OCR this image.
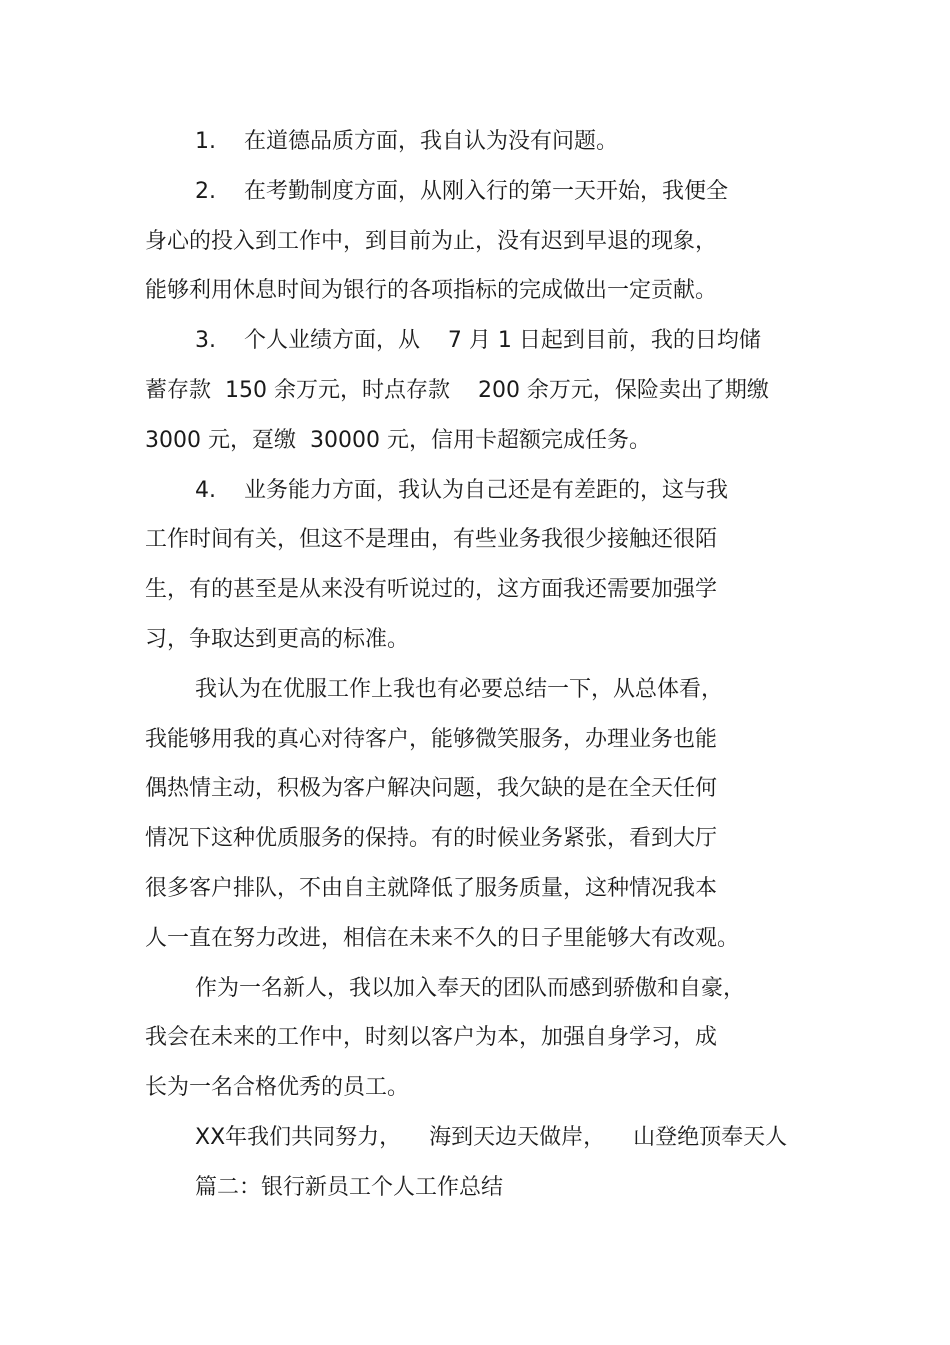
1.    在道德品质方面，我自认为没有问题。

2.    在考勤制度方面，从刚入行的第一天开始，我便全

身心的投入到工作中，到目前为止，没有迟到早退的现象，

能够利用休息时间为银行的各项指标的完成做出一定贡献。

3.    个人业绩方面，从    7 月 1 日起到目前，我的日均储

蓄存款  150 余万元，时点存款    200 余万元，保险卖出了期缴

3000 元，趸缴  30000 元，信用卡超额完成任务。

4.    业务能力方面，我认为自己还是有差距的，这与我

工作时间有关，但这不是理由，有些业务我很少接触还很陌

生，有的甚至是从来没有听说过的，这方面我还需要加强学

习，争取达到更高的标准。

我认为在优服工作上我也有必要总结一下，从总体看，

我能够用我的真心对待客户，能够微笑服务，办理业务也能

偶热情主动，积极为客户解决问题，我欠缺的是在全天任何

情况下这种优质服务的保持。有的时候业务紧张，看到大厅

很多客户排队，不由自主就降低了服务质量，这种情况我本

人一直在努力改进，相信在未来不久的日子里能够大有改观。

作为一名新人，我以加入奉天的团队而感到骄傲和自豪，

我会在未来的工作中，时刻以客户为本，加强自身学习，成

长为一名合格优秀的员工。

XX年我们共同努力，    海到天边天做岸，    山登绝顶奉天人

篇二：银行新员工个人工作总结
